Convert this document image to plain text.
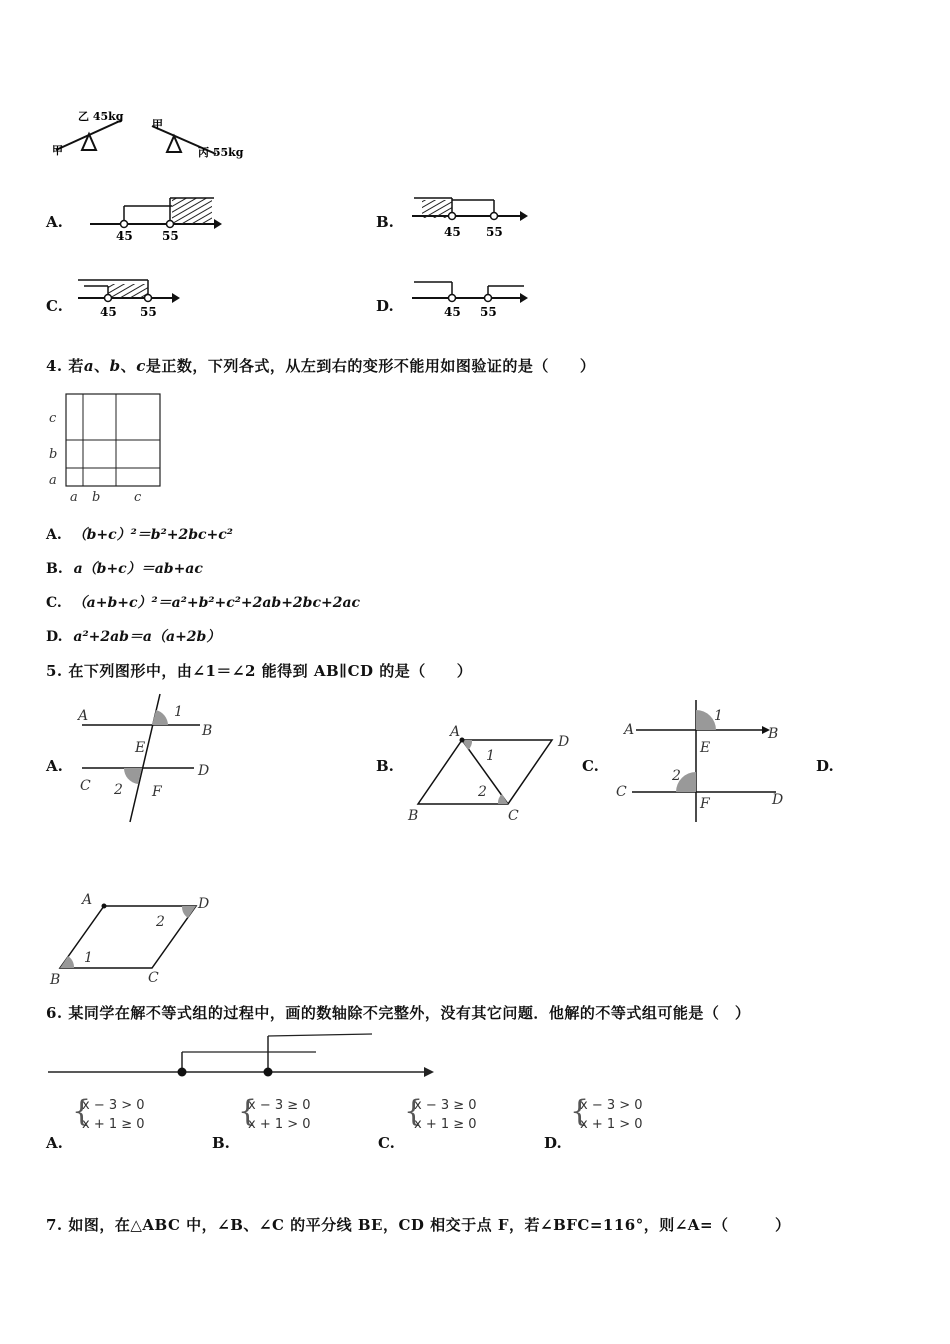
乙 45kg
甲
甲
丙 55kg
A.
45 55
B.
45 55
C.	45 55	D.	45 55
4. 若a、b、c是正数，下列各式，从左到右的变形不能用如图验证的是（　　）
c
b
a
a b	c
A. （b+c）²＝b²+2bc+c²
B. a（b+c）＝ab+ac
C. （a+b+c）²＝a²+b²+c²+2ab+2bc+2ac
D. a²+2ab＝a（a+2b）
5. 在下列图形中，由∠1＝∠2 能得到 AB∥CD 的是（　　）
A.
A
B
1
E
C
D
2 F
B.
A
D
1
2
B	C
C.
A
1
B
E
2
C
F	D
D.
A	D
2
1
B	C
6. 某同学在解不等式组的过程中，画的数轴除不完整外，没有其它问题．他解的不等式组可能是（　）
A.
{
x − 3 > 0
x + 1 ≥ 0
B.
{
x − 3 ≥ 0
x + 1 > 0
C.
{
x − 3 ≥ 0
x + 1 ≥ 0
D.
{
x − 3 > 0
x + 1 > 0
7. 如图，在△ABC 中，∠B、∠C 的平分线 BE，CD 相交于点 F，若∠BFC=116°，则∠A=（　　　）
